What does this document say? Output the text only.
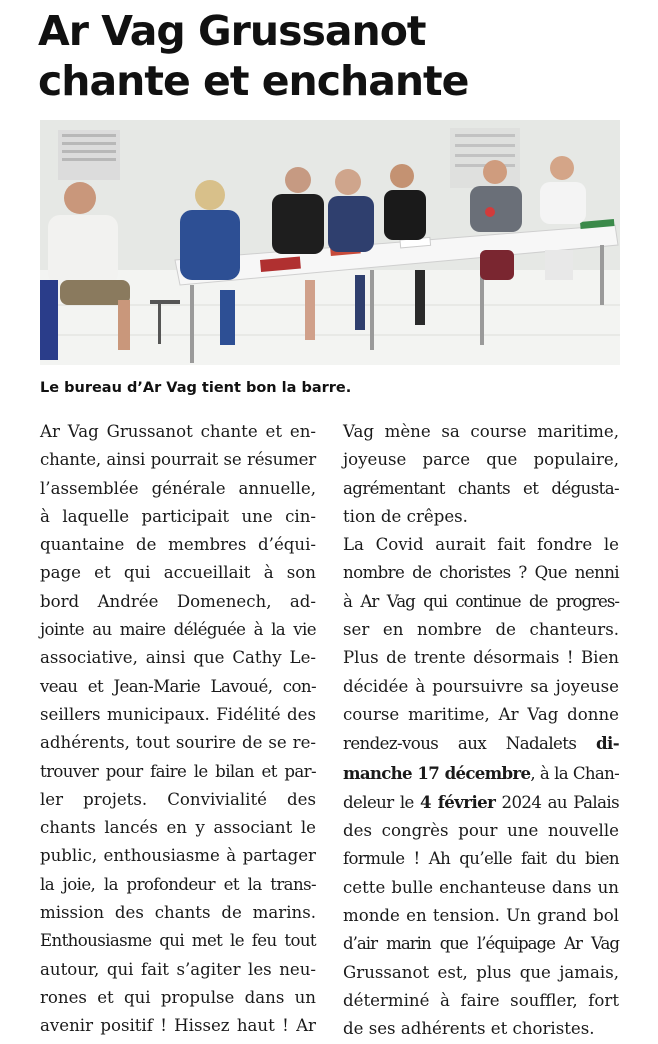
Ar Vag Grussanot
chante et enchante

Le bureau d’Ar Vag tient bon la barre.

Ar Vag Grussanot chante et en-
chante, ainsi pourrait se résumer
l’assemblée générale annuelle,
à laquelle participait une cin-
quantaine de membres d’équi-
page et qui accueillait à son
bord Andrée Domenech, ad-
jointe au maire déléguée à la vie
associative, ainsi que Cathy Le-
veau et Jean-Marie Lavoué, con-
seillers municipaux. Fidélité des
adhérents, tout sourire de se re-
trouver pour faire le bilan et par-
ler projets. Convivialité des
chants lancés en y associant le
public, enthousiasme à partager
la joie, la profondeur et la trans-
mission des chants de marins.
Enthousiasme qui met le feu tout
autour, qui fait s’agiter les neu-
rones et qui propulse dans un
avenir positif ! Hissez haut ! Ar

Vag mène sa course maritime,
joyeuse parce que populaire,
agrémentant chants et dégusta-
tion de crêpes.

La Covid aurait fait fondre le
nombre de choristes ? Que nenni
à Ar Vag qui continue de progres-
ser en nombre de chanteurs.
Plus de trente désormais ! Bien
décidée à poursuivre sa joyeuse
course maritime, Ar Vag donne
rendez-vous aux Nadalets di-
manche 17 décembre, à la Chan-
deleur le 4 février 2024 au Palais
des congrès pour une nouvelle
formule ! Ah qu’elle fait du bien
cette bulle enchanteuse dans un
monde en tension. Un grand bol
d’air marin que l’équipage Ar Vag
Grussanot est, plus que jamais,
déterminé à faire souffler, fort
de ses adhérents et choristes.
